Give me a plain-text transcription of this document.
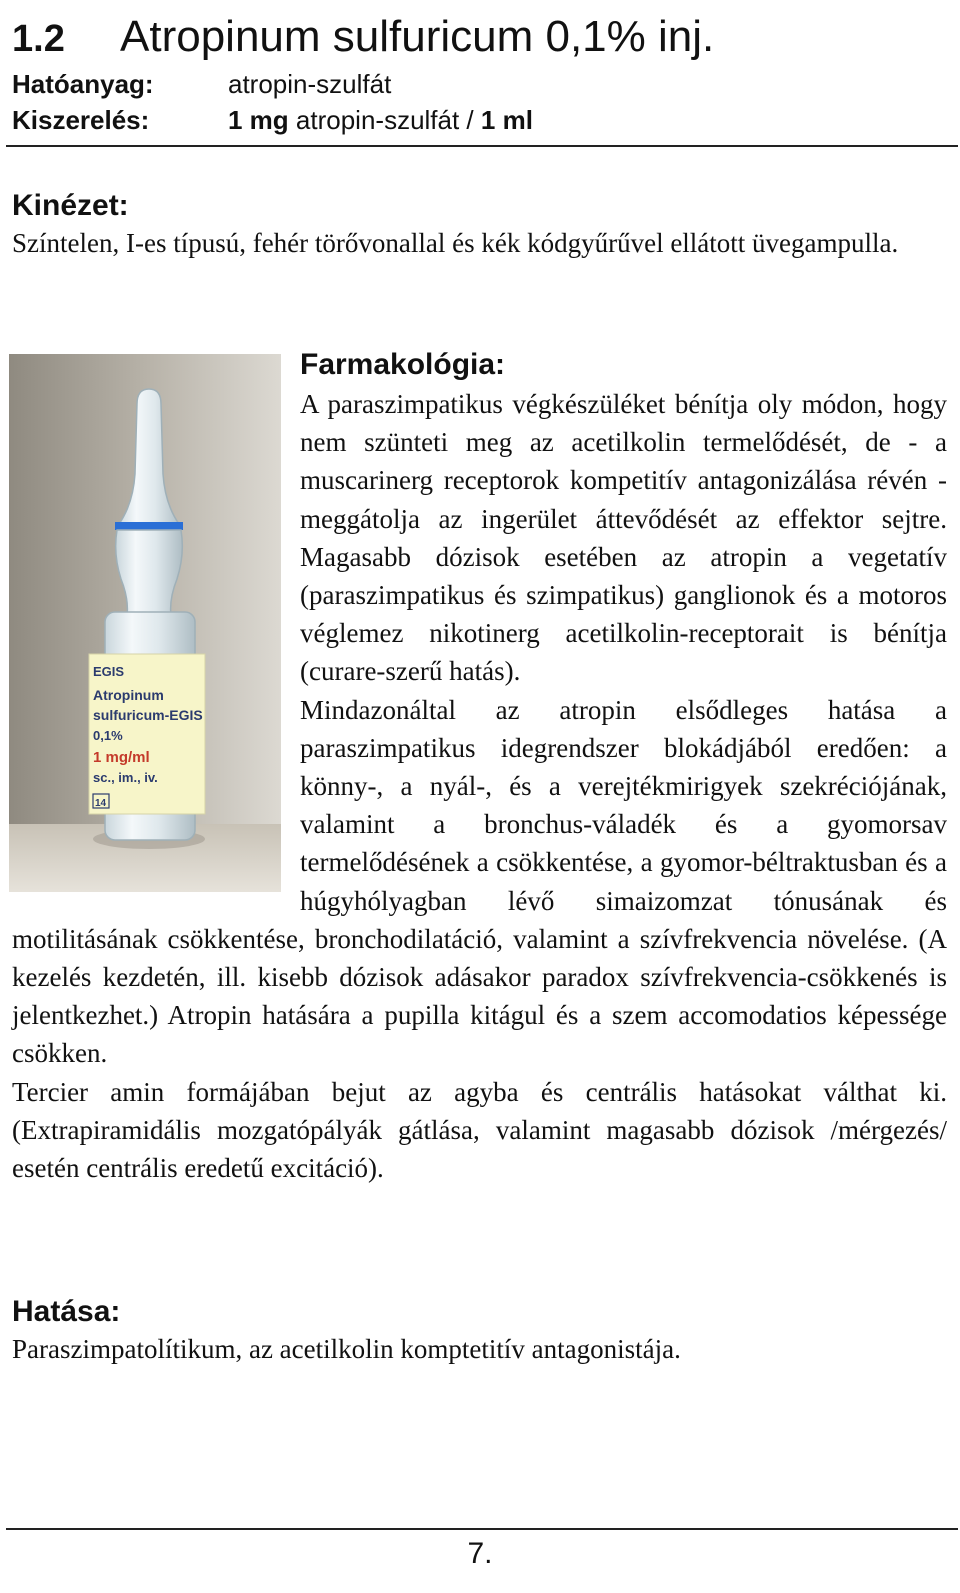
1.2 Atropinum sulfuricum 0,1% inj.
Hatóanyag:	atropin-szulfát
Kiszerelés:	1 mg atropin-szulfát / 1 ml
Kinézet:
Színtelen, I-es típusú, fehér törővonallal és kék kódgyűrűvel ellátott üvegampulla.
EGIS
Atropinum
sulfuricum-EGIS
0,1%
1 mg/ml
sc., im., iv.
14
Farmakológia:
A paraszimpatikus végkészüléket bénítja oly módon, hogy nem szünteti meg az acetilkolin termelődését, de - a muscarinerg receptorok kompetitív antagonizálása révén - meggátolja az ingerület áttevődését az effektor sejtre. Magasabb dózisok esetében az atropin a vegetatív (paraszimpatikus és szimpatikus) ganglionok és a motoros véglemez nikotinerg acetilkolin-receptorait is bénítja (curare-szerű hatás).
Mindazonáltal az atropin elsődleges hatása a paraszimpatikus idegrendszer blokádjából eredően: a könny-, a nyál-, és a verejtékmirigyek szekréciójának, valamint a bronchus-váladék és a gyomorsav termelődésének a csökkentése, a gyomor-béltraktusban és a húgyhólyagban lévő simaizomzat tónusának és motilitásának csökkentése, bronchodilatáció, valamint a szívfrekvencia növelése. (A kezelés kezdetén, ill. kisebb dózisok adásakor paradox szívfrekvencia-csökkenés is jelentkezhet.) Atropin hatására a pupilla kitágul és a szem accomodatios képessége csökken.
Tercier amin formájában bejut az agyba és centrális hatásokat válthat ki. (Extrapiramidális mozgatópályák gátlása, valamint magasabb dózisok /mérgezés/ esetén centrális eredetű excitáció).
Hatása:
Paraszimpatolítikum, az acetilkolin komptetitív antagonistája.
7.
